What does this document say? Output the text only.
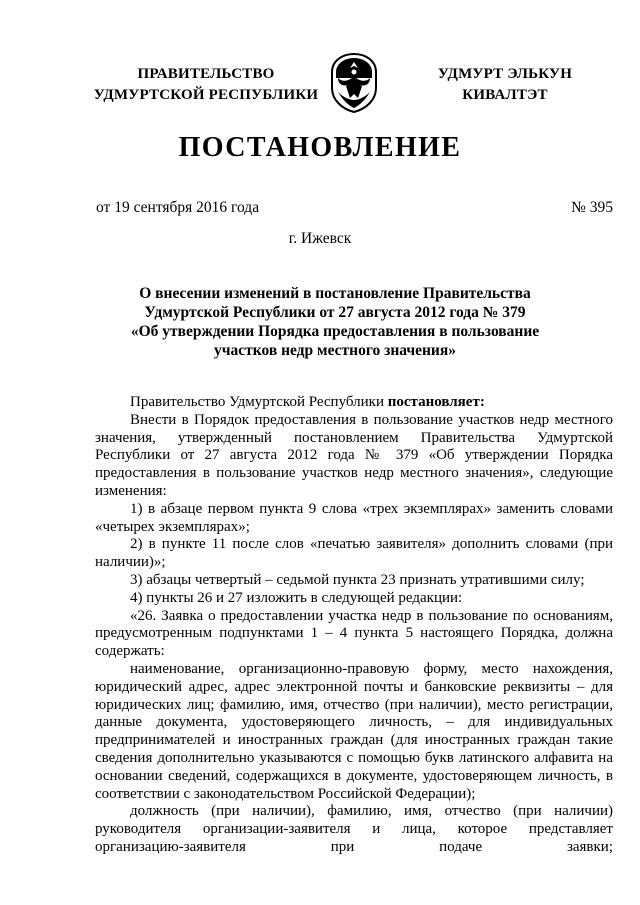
ПРАВИТЕЛЬСТВО
УДМУРТСКОЙ РЕСПУБЛИКИ
УДМУРТ ЭЛЬКУН
КИВАЛТЭТ
ПОСТАНОВЛЕНИЕ
от 19 сентября 2016 года	№ 395
г. Ижевск
О внесении изменений в постановление Правительства
Удмуртской Республики от 27 августа 2012 года № 379
«Об утверждении Порядка предоставления в пользование
участков недр местного значения»

Правительство Удмуртской Республики постановляет:

Внести в Порядок предоставления в пользование участков недр местного значения, утвержденный постановлением Правительства Удмуртской Республики от 27 августа 2012 года № 379 «Об утверждении Порядка предоставления в пользование участков недр местного значения», следующие изменения:

1) в абзаце первом пункта 9 слова «трех экземплярах» заменить словами «четырех экземплярах»;

2) в пункте 11 после слов «печатью заявителя» дополнить словами (при наличии)»;

3) абзацы четвертый – седьмой пункта 23 признать утратившими силу;

4) пункты 26 и 27 изложить в следующей редакции:

«26. Заявка о предоставлении участка недр в пользование по основаниям, предусмотренным подпунктами 1 – 4 пункта 5 настоящего Порядка, должна содержать:

наименование, организационно-правовую форму, место нахождения, юридический адрес, адрес электронной почты и банковские реквизиты – для юридических лиц; фамилию, имя, отчество (при наличии), место регистрации, данные документа, удостоверяющего личность, – для индивидуальных предпринимателей и иностранных граждан (для иностранных граждан такие сведения дополнительно указываются с помощью букв латинского алфавита на основании сведений, содержащихся в документе, удостоверяющем личность, в соответствии с законодательством Российской Федерации);

должность (при наличии), фамилию, имя, отчество (при наличии) руководителя организации-заявителя и лица, которое представляет организацию-заявителя при подаче заявки;
